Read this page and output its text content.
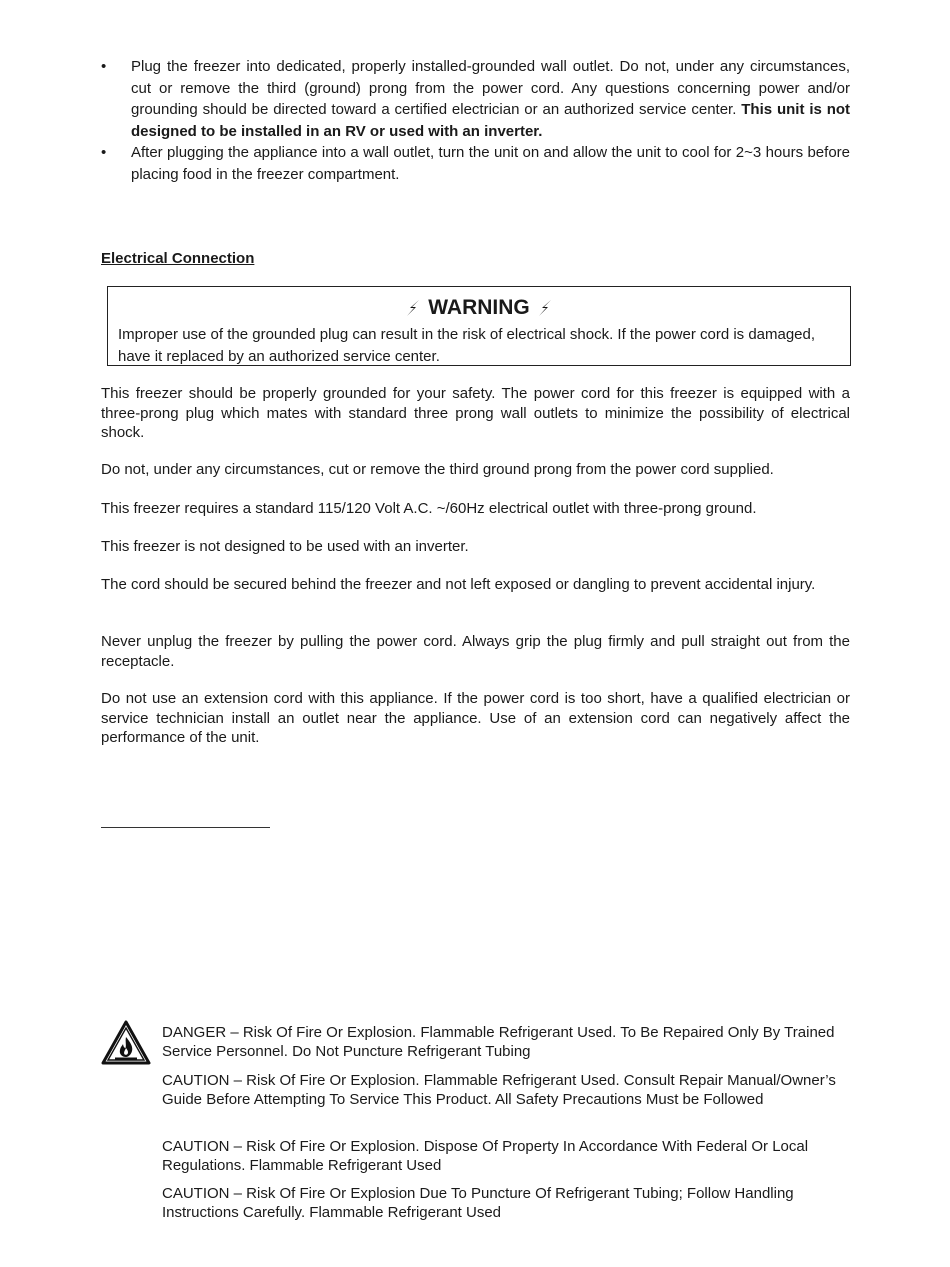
• Plug the freezer into dedicated, properly installed-grounded wall outlet. Do not, under any circumstances, cut or remove the third (ground) prong from the power cord. Any questions concerning power and/or grounding should be directed toward a certified electrician or an authorized service center. This unit is not designed to be installed in an RV or used with an inverter.
• After plugging the appliance into a wall outlet, turn the unit on and allow the unit to cool for 2~3 hours before placing food in the freezer compartment.
Electrical Connection
WARNING
Improper use of the grounded plug can result in the risk of electrical shock. If the power cord is damaged, have it replaced by an authorized service center.
This freezer should be properly grounded for your safety. The power cord for this freezer is equipped with a three-prong plug which mates with standard three prong wall outlets to minimize the possibility of electrical shock.
Do not, under any circumstances, cut or remove the third ground prong from the power cord supplied.
This freezer requires a standard 115/120 Volt A.C. ~/60Hz electrical outlet with three-prong ground.
This freezer is not designed to be used with an inverter.
The cord should be secured behind the freezer and not left exposed or dangling to prevent accidental injury.
Never unplug the freezer by pulling the power cord. Always grip the plug firmly and pull straight out from the receptacle.
Do not use an extension cord with this appliance. If the power cord is too short, have a qualified electrician or service technician install an outlet near the appliance. Use of an extension cord can negatively affect the performance of the unit.
DANGER – Risk Of Fire Or Explosion. Flammable Refrigerant Used. To Be Repaired Only By Trained Service Personnel. Do Not Puncture Refrigerant Tubing
CAUTION – Risk Of Fire Or Explosion. Flammable Refrigerant Used. Consult Repair Manual/Owner’s Guide Before Attempting To Service This Product. All Safety Precautions Must be Followed
CAUTION – Risk Of Fire Or Explosion. Dispose Of Property In Accordance With Federal Or Local Regulations. Flammable Refrigerant Used
CAUTION – Risk Of Fire Or Explosion Due To Puncture Of Refrigerant Tubing; Follow Handling Instructions Carefully. Flammable Refrigerant Used
